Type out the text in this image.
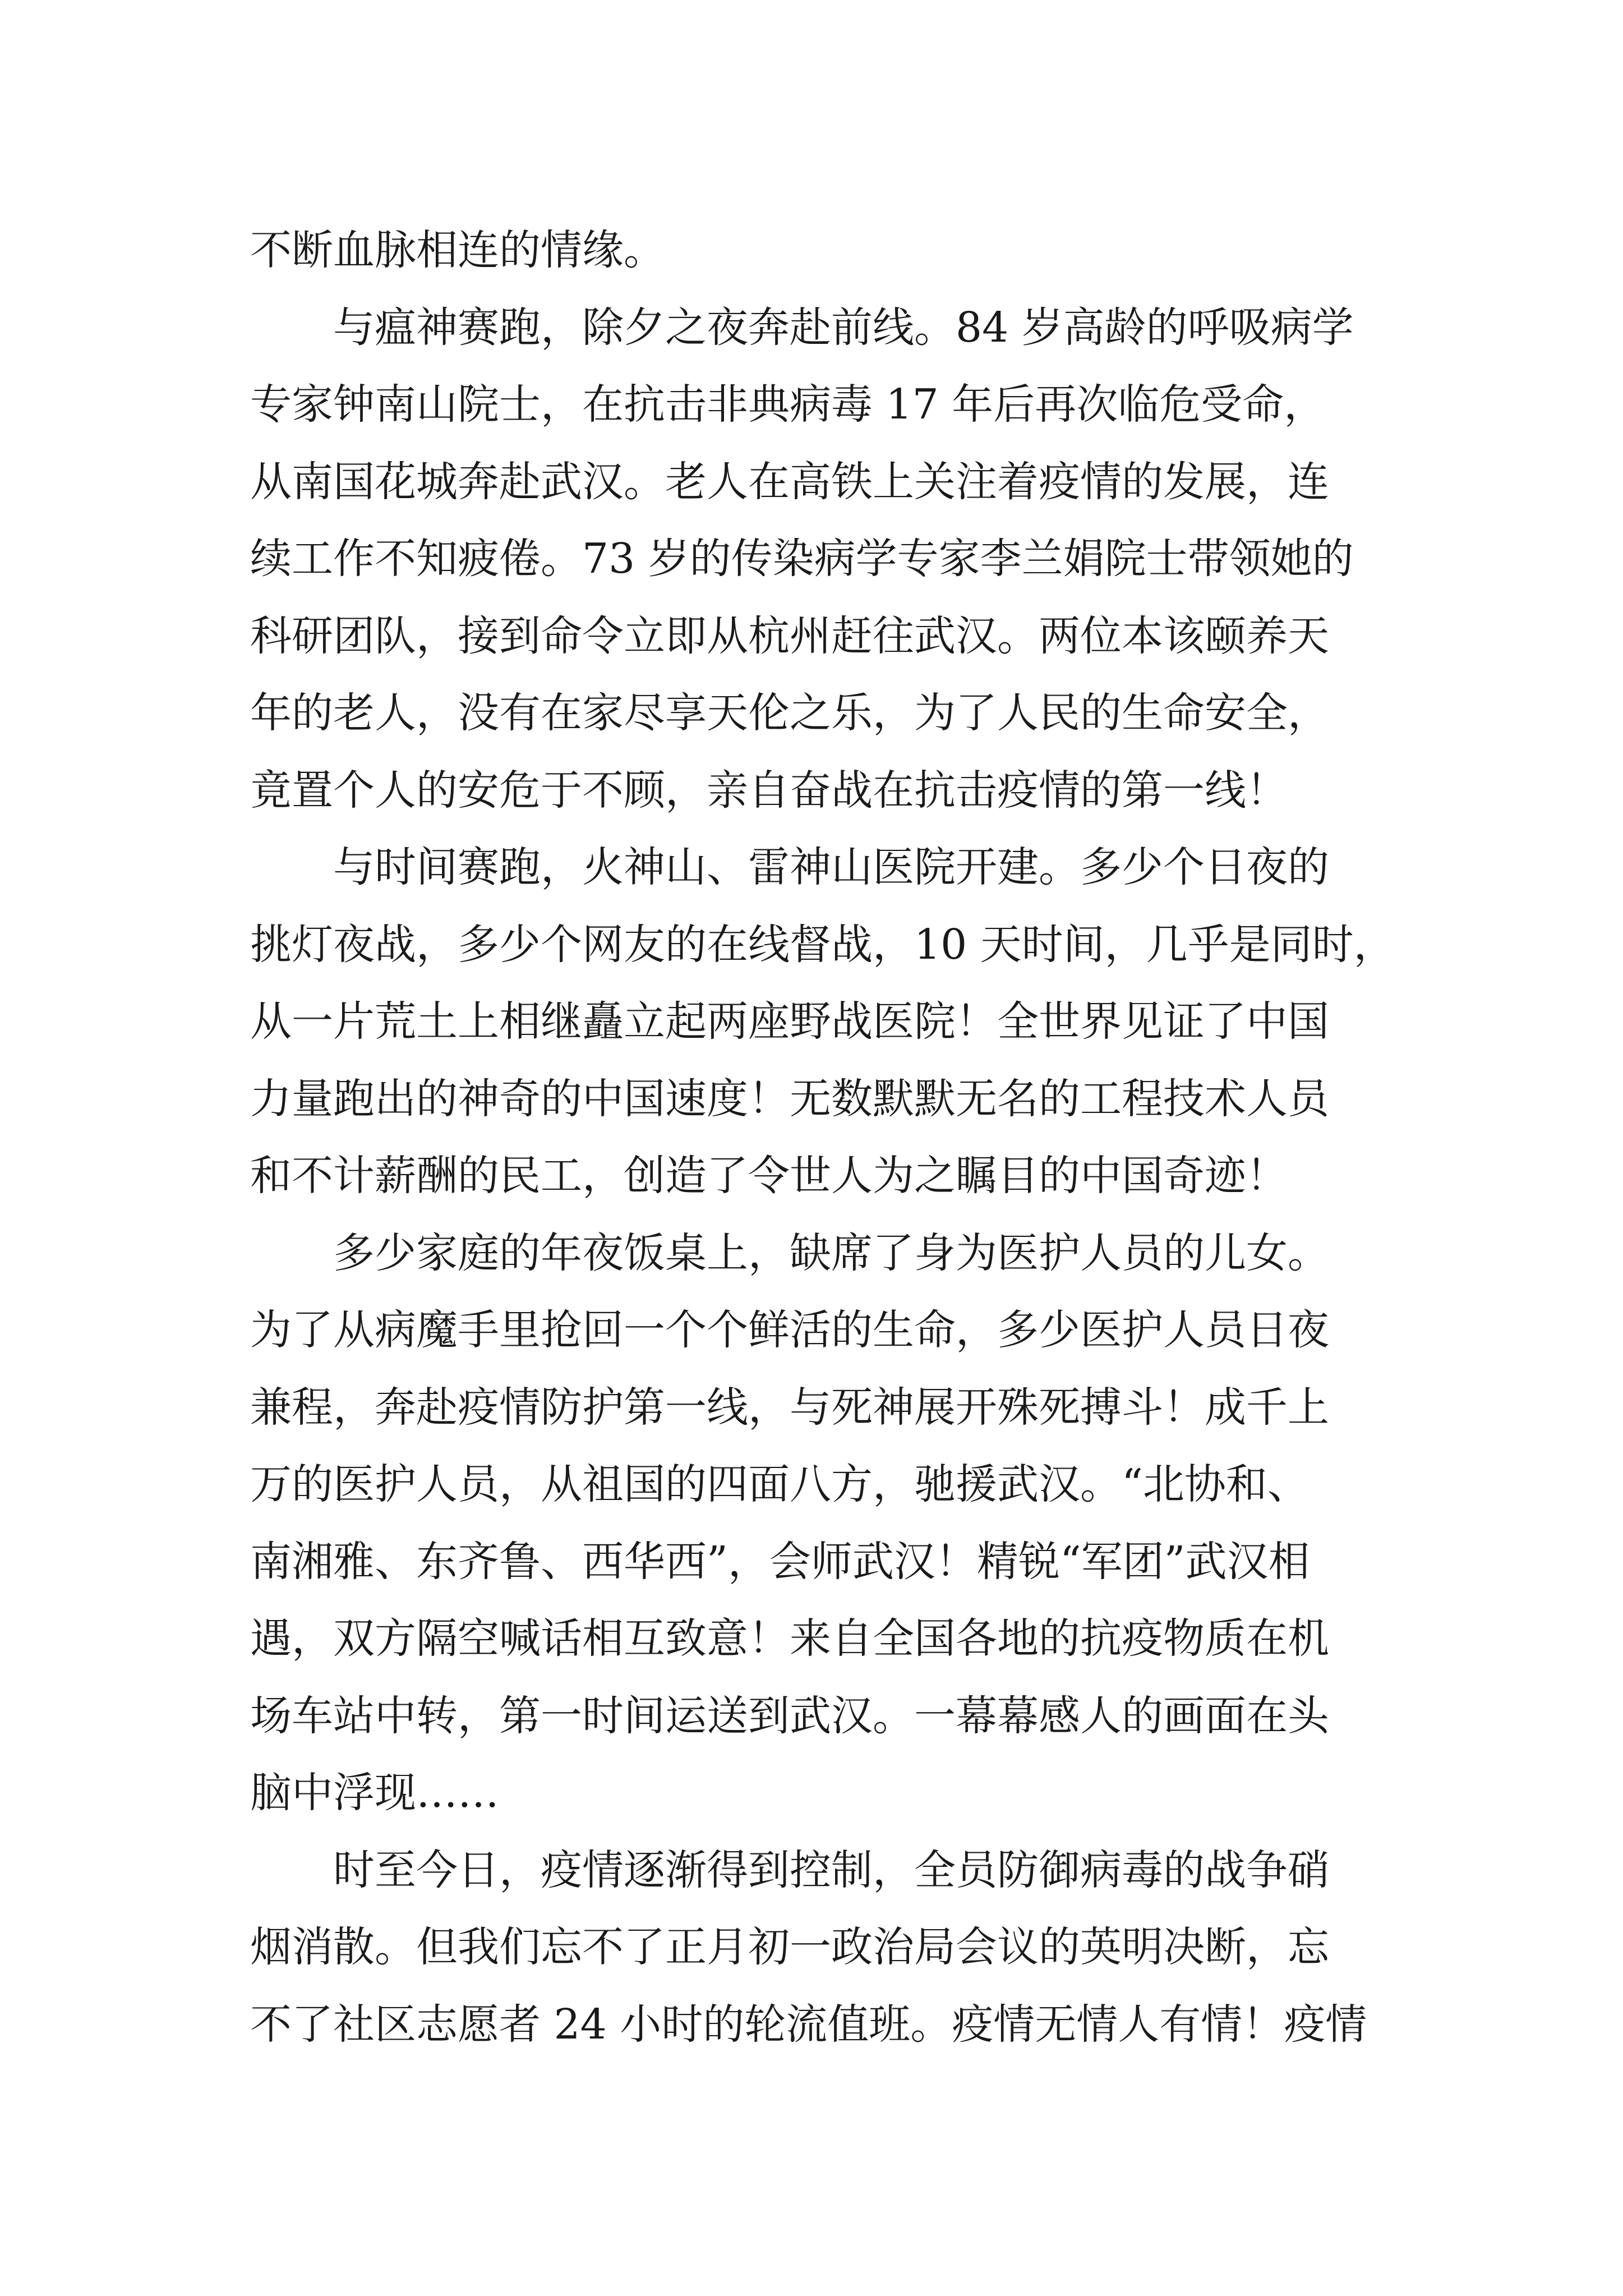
不断血脉相连的情缘。
与瘟神赛跑，除夕之夜奔赴前线。84 岁高龄的呼吸病学
专家钟南山院士，在抗击非典病毒 17 年后再次临危受命，
从南国花城奔赴武汉。老人在高铁上关注着疫情的发展，连
续工作不知疲倦。73 岁的传染病学专家李兰娟院士带领她的
科研团队，接到命令立即从杭州赶往武汉。两位本该颐养天
年的老人，没有在家尽享天伦之乐，为了人民的生命安全，
竟置个人的安危于不顾，亲自奋战在抗击疫情的第一线！
与时间赛跑，火神山、雷神山医院开建。多少个日夜的
挑灯夜战，多少个网友的在线督战，10 天时间，几乎是同时，
从一片荒土上相继矗立起两座野战医院！全世界见证了中国
力量跑出的神奇的中国速度！无数默默无名的工程技术人员
和不计薪酬的民工，创造了令世人为之瞩目的中国奇迹！
多少家庭的年夜饭桌上，缺席了身为医护人员的儿女。
为了从病魔手里抢回一个个鲜活的生命，多少医护人员日夜
兼程，奔赴疫情防护第一线，与死神展开殊死搏斗！成千上
万的医护人员，从祖国的四面八方，驰援武汉。“北协和、
南湘雅、东齐鲁、西华西”，会师武汉！精锐“军团”武汉相
遇，双方隔空喊话相互致意！来自全国各地的抗疫物质在机
场车站中转，第一时间运送到武汉。一幕幕感人的画面在头
脑中浮现……
时至今日，疫情逐渐得到控制，全员防御病毒的战争硝
烟消散。但我们忘不了正月初一政治局会议的英明决断，忘
不了社区志愿者 24 小时的轮流值班。疫情无情人有情！疫情
